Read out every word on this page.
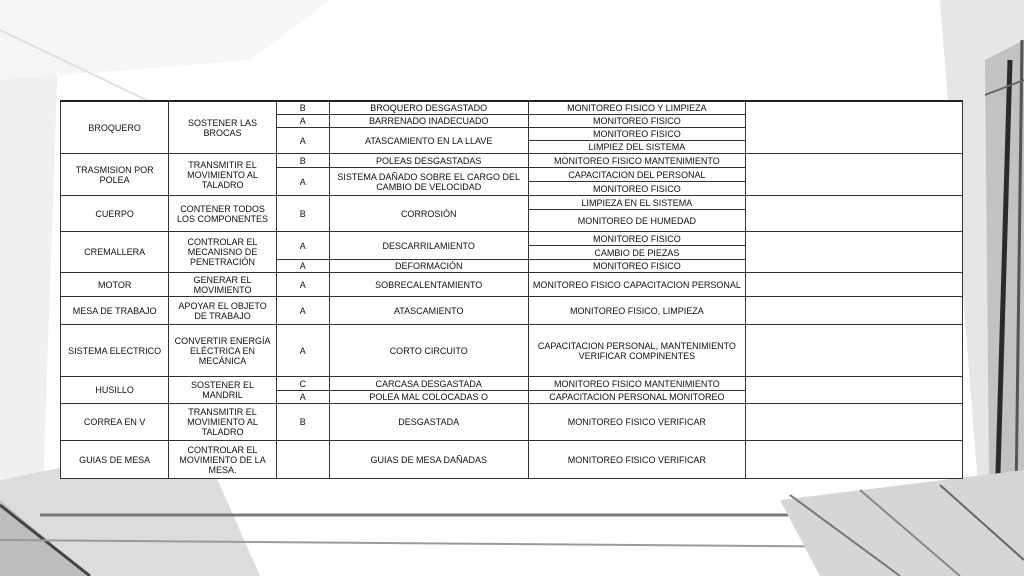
BROQUERO	SOSTENER LAS BROCAS	B	BROQUERO DESGASTADO	MONITOREO FISICO Y LIMPIEZA	
		A	BARRENADO INADECUADO	MONITOREO FISICO	
		A	ATASCAMIENTO EN LA LLAVE	MONITOREO FISICO	
				LIMPIEZ DEL SISTEMA	
TRASMISION POR POLEA	TRANSMITIR EL MOVIMIENTO AL TALADRO	B	POLEAS DESGASTADAS	MONITOREO FISICO MANTENIMIENTO	
		A	SISTEMA DAÑADO SOBRE EL CARGO DEL CAMBIO DE VELOCIDAD	CAPACITACION DEL PERSONAL	
				MONITOREO FISICO	
CUERPO	CONTENER TODOS LOS COMPONENTES	B	CORROSIÓN	LIMPIEZA EN EL SISTEMA	
				MONITOREO DE HUMEDAD	
CREMALLERA	CONTROLAR EL MECANISNO DE PENETRACIÓN	A	DESCARRILAMIENTO	MONITOREO FISICO	
				CAMBIO DE PIEZAS	
		A	DEFORMACIÓN	MONITOREO FISICO	
MOTOR	GENERAR EL MOVIMIENTO	A	SOBRECALENTAMIENTO	MONITOREO FISICO CAPACITACION PERSONAL	
MESA DE TRABAJO	APOYAR EL OBJETO DE TRABAJO	A	ATASCAMIENTO	MONITOREO FISICO, LIMPIEZA	
SISTEMA ELECTRICO	CONVERTIR ENERGÍA ELÉCTRICA EN MECÁNICA	A	CORTO CIRCUITO	CAPACITACION PERSONAL, MANTENIMIENTO VERIFICAR COMPINENTES	
HUSILLO	SOSTENER EL MANDRIL	C	CARCASA DESGASTADA	MONITOREO FISICO MANTENIMIENTO	
		A	POLEA MAL COLOCADAS O	CAPACITACION PERSONAL MONITOREO	
CORREA EN V	TRANSMITIR EL MOVIMIENTO AL TALADRO	B	DESGASTADA	MONITOREO FISICO VERIFICAR	
GUIAS DE MESA	CONTROLAR EL MOVIMIENTO DE LA MESA.		GUIAS DE MESA DAÑADAS	MONITOREO FISICO VERIFICAR	
